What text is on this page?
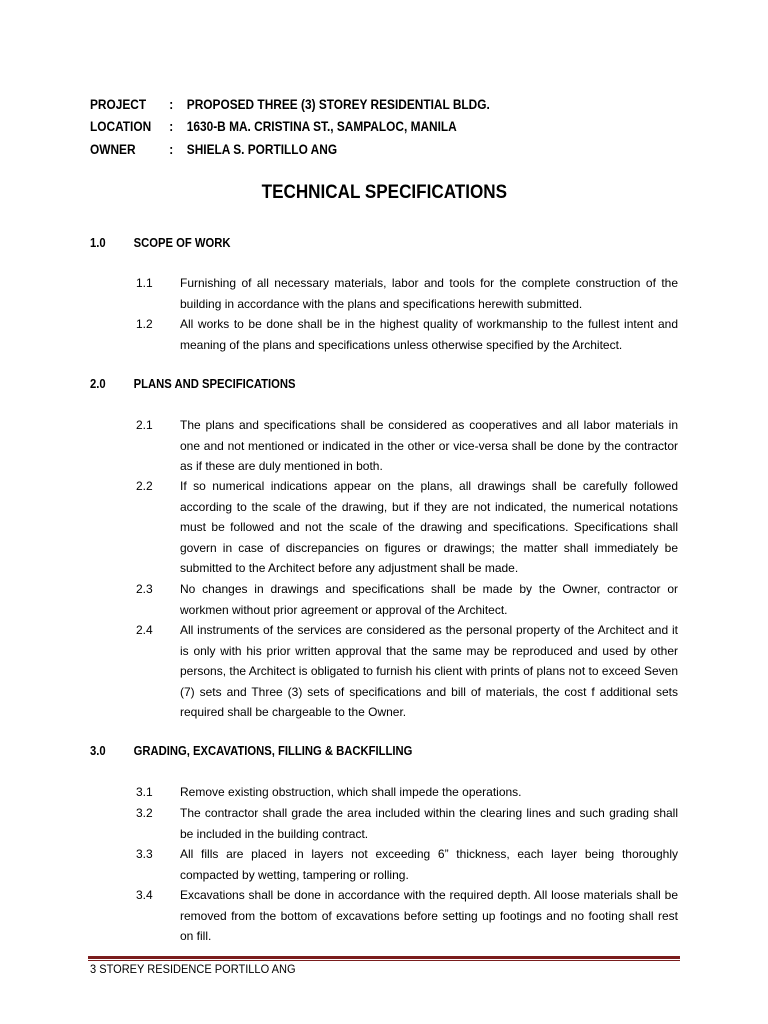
PROJECT	:	PROPOSED THREE (3) STOREY RESIDENTIAL BLDG.
LOCATION	:	1630-B MA. CRISTINA ST., SAMPALOC, MANILA
OWNER	:	SHIELA S. PORTILLO ANG
TECHNICAL SPECIFICATIONS
1.0 SCOPE OF WORK
1.1 Furnishing of all necessary materials, labor and tools for the complete construction of the building in accordance with the plans and specifications herewith submitted.
1.2 All works to be done shall be in the highest quality of workmanship to the fullest intent and meaning of the plans and specifications unless otherwise specified by the Architect.
2.0 PLANS AND SPECIFICATIONS
2.1 The plans and specifications shall be considered as cooperatives and all labor materials in one and not mentioned or indicated in the other or vice-versa shall be done by the contractor as if these are duly mentioned in both.
2.2 If so numerical indications appear on the plans, all drawings shall be carefully followed according to the scale of the drawing, but if they are not indicated, the numerical notations must be followed and not the scale of the drawing and specifications. Specifications shall govern in case of discrepancies on figures or drawings; the matter shall immediately be submitted to the Architect before any adjustment shall be made.
2.3 No changes in drawings and specifications shall be made by the Owner, contractor or workmen without prior agreement or approval of the Architect.
2.4 All instruments of the services are considered as the personal property of the Architect and it is only with his prior written approval that the same may be reproduced and used by other persons, the Architect is obligated to furnish his client with prints of plans not to exceed Seven (7) sets and Three (3) sets of specifications and bill of materials, the cost f additional sets required shall be chargeable to the Owner.
3.0 GRADING, EXCAVATIONS, FILLING & BACKFILLING
3.1 Remove existing obstruction, which shall impede the operations.
3.2 The contractor shall grade the area included within the clearing lines and such grading shall be included in the building contract.
3.3 All fills are placed in layers not exceeding 6” thickness, each layer being thoroughly compacted by wetting, tampering or rolling.
3.4 Excavations shall be done in accordance with the required depth. All loose materials shall be removed from the bottom of excavations before setting up footings and no footing shall rest on fill.
3 STOREY RESIDENCE PORTILLO ANG
